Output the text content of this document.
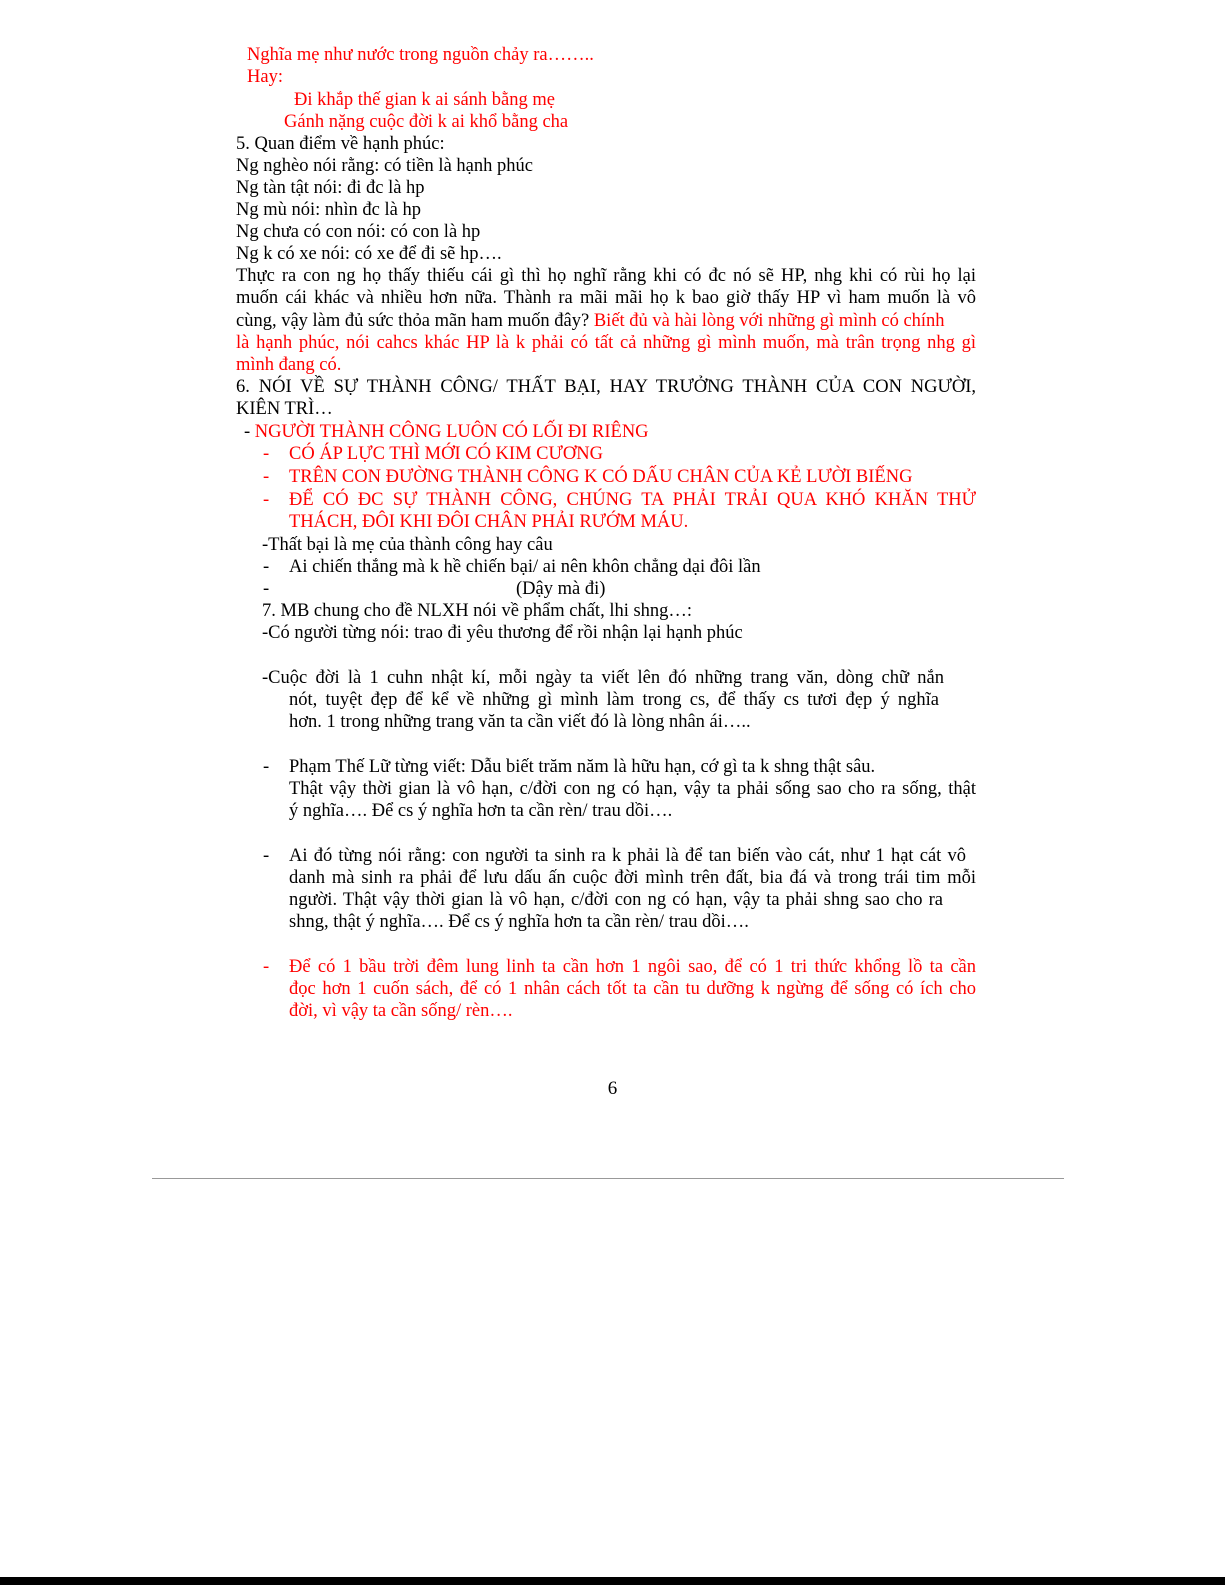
Nghĩa mẹ như nước trong nguồn chảy ra……..
Hay:
Đi khắp thế gian k ai sánh bằng mẹ
Gánh nặng cuộc đời k ai khổ bằng cha
5. Quan điểm về hạnh phúc:
Ng nghèo nói rằng: có tiền là hạnh phúc
Ng tàn tật nói: đi đc là hp
Ng mù nói: nhìn đc là hp
Ng chưa có con nói: có con là hp
Ng k có xe nói: có xe để đi sẽ hp….
Thực ra con ng họ thấy thiếu cái gì thì họ nghĩ rằng khi có đc nó sẽ HP, nhg khi có rùi họ lại
muốn cái khác và nhiều hơn nữa. Thành ra mãi mãi họ k bao giờ thấy HP vì ham muốn là vô
cùng, vậy làm đủ sức thỏa mãn ham muốn đây? Biết đủ và hài lòng với những gì mình có chính
là hạnh phúc, nói cahcs khác HP là k phải có tất cả những gì mình muốn, mà trân trọng nhg gì
mình đang có.
6. NÓI VỀ SỰ THÀNH CÔNG/ THẤT BẠI, HAY TRƯỞNG THÀNH CỦA CON NGƯỜI,
KIÊN TRÌ…
- NGƯỜI THÀNH CÔNG LUÔN CÓ LỐI ĐI RIÊNG
- CÓ ÁP LỰC THÌ MỚI CÓ KIM CƯƠNG
- TRÊN CON ĐƯỜNG THÀNH CÔNG K CÓ DẤU CHÂN CỦA KẺ LƯỜI BIẾNG
- ĐỂ CÓ ĐC SỰ THÀNH CÔNG, CHÚNG TA PHẢI TRẢI QUA KHÓ KHĂN THỬ
THÁCH, ĐÔI KHI ĐÔI CHÂN PHẢI RƯỚM MÁU.
-Thất bại là mẹ của thành công hay câu
- Ai chiến thắng mà k hề chiến bại/ ai nên khôn chẳng dại đôi lần
-	(Dậy mà đi)
7. MB chung cho đề NLXH nói về phẩm chất, lhi shng…:
-Có người từng nói: trao đi yêu thương để rồi nhận lại hạnh phúc
-Cuộc đời là 1 cuhn nhật kí, mỗi ngày ta viết lên đó những trang văn, dòng chữ nắn
nót, tuyệt đẹp để kể về những gì mình làm trong cs, để thấy cs tươi đẹp ý nghĩa
hơn. 1 trong những trang văn ta cần viết đó là lòng nhân ái…..
- Phạm Thế Lữ từng viết: Dẫu biết trăm năm là hữu hạn, cớ gì ta k shng thật sâu.
Thật vậy thời gian là vô hạn, c/đời con ng có hạn, vậy ta phải sống sao cho ra sống, thật
ý nghĩa…. Để cs ý nghĩa hơn ta cần rèn/ trau dồi….
- Ai đó từng nói rằng: con người ta sinh ra k phải là để tan biến vào cát, như 1 hạt cát vô
danh mà sinh ra phải để lưu dấu ấn cuộc đời mình trên đất, bia đá và trong trái tim mỗi
người. Thật vậy thời gian là vô hạn, c/đời con ng có hạn, vậy ta phải shng sao cho ra
shng, thật ý nghĩa…. Để cs ý nghĩa hơn ta cần rèn/ trau dồi….
- Để có 1 bầu trời đêm lung linh ta cần hơn 1 ngôi sao, để có 1 tri thức khổng lồ ta cần
đọc hơn 1 cuốn sách, để có 1 nhân cách tốt ta cần tu dưỡng k ngừng để sống có ích cho
đời, vì vậy ta cần sống/ rèn….
6
